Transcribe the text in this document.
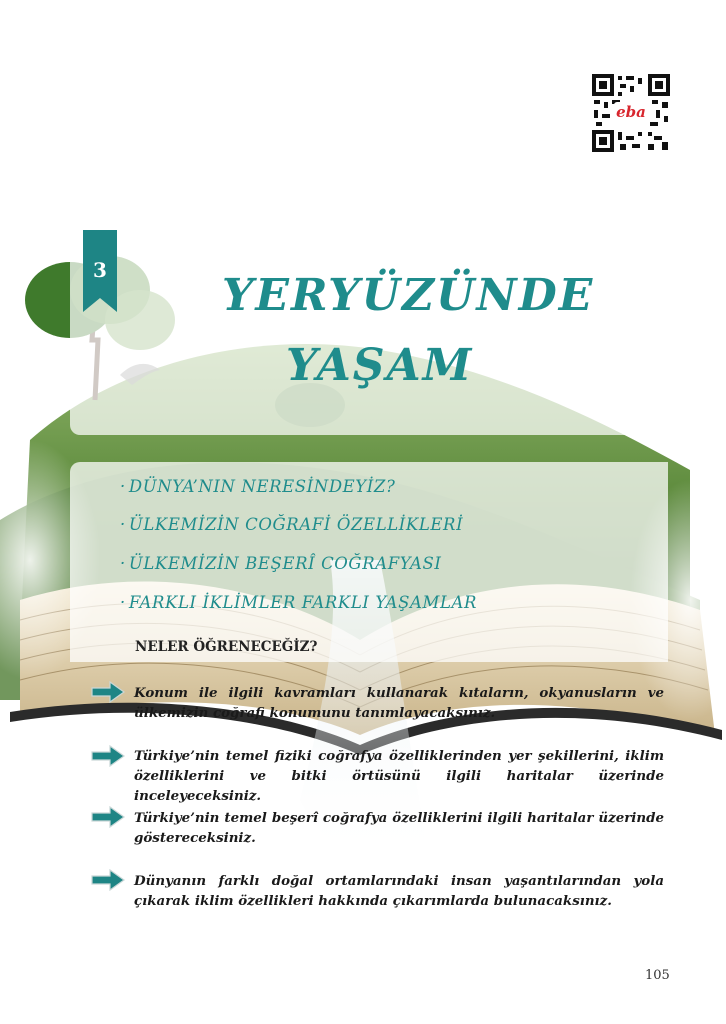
3	YERYÜZÜNDE
YAŞAM
eba
· DÜNYA’NIN NERESİNDEYİZ?
· ÜLKEMİZİN COĞRAFİ ÖZELLİKLERİ
· ÜLKEMİZİN BEŞERÎ COĞRAFYASI
· FARKLI İKLİMLER FARKLI YAŞAMLAR
NELER ÖĞRENECEĞİZ?
Konum ile ilgili kavramları kullanarak kıtaların, okyanusların ve ülkemizin coğrafi konumunu tanımlayacaksınız.
Türkiye’nin temel fiziki coğrafya özelliklerinden yer şekillerini, iklim özelliklerini ve bitki örtüsünü ilgili haritalar üzerinde inceleyeceksiniz.
Türkiye’nin temel beşerî coğrafya özelliklerini ilgili haritalar üzerinde göstereceksiniz.
Dünyanın farklı doğal ortamlarındaki insan yaşantılarından yola çıkarak iklim özellikleri hakkında çıkarımlarda bulunacaksınız.
105
